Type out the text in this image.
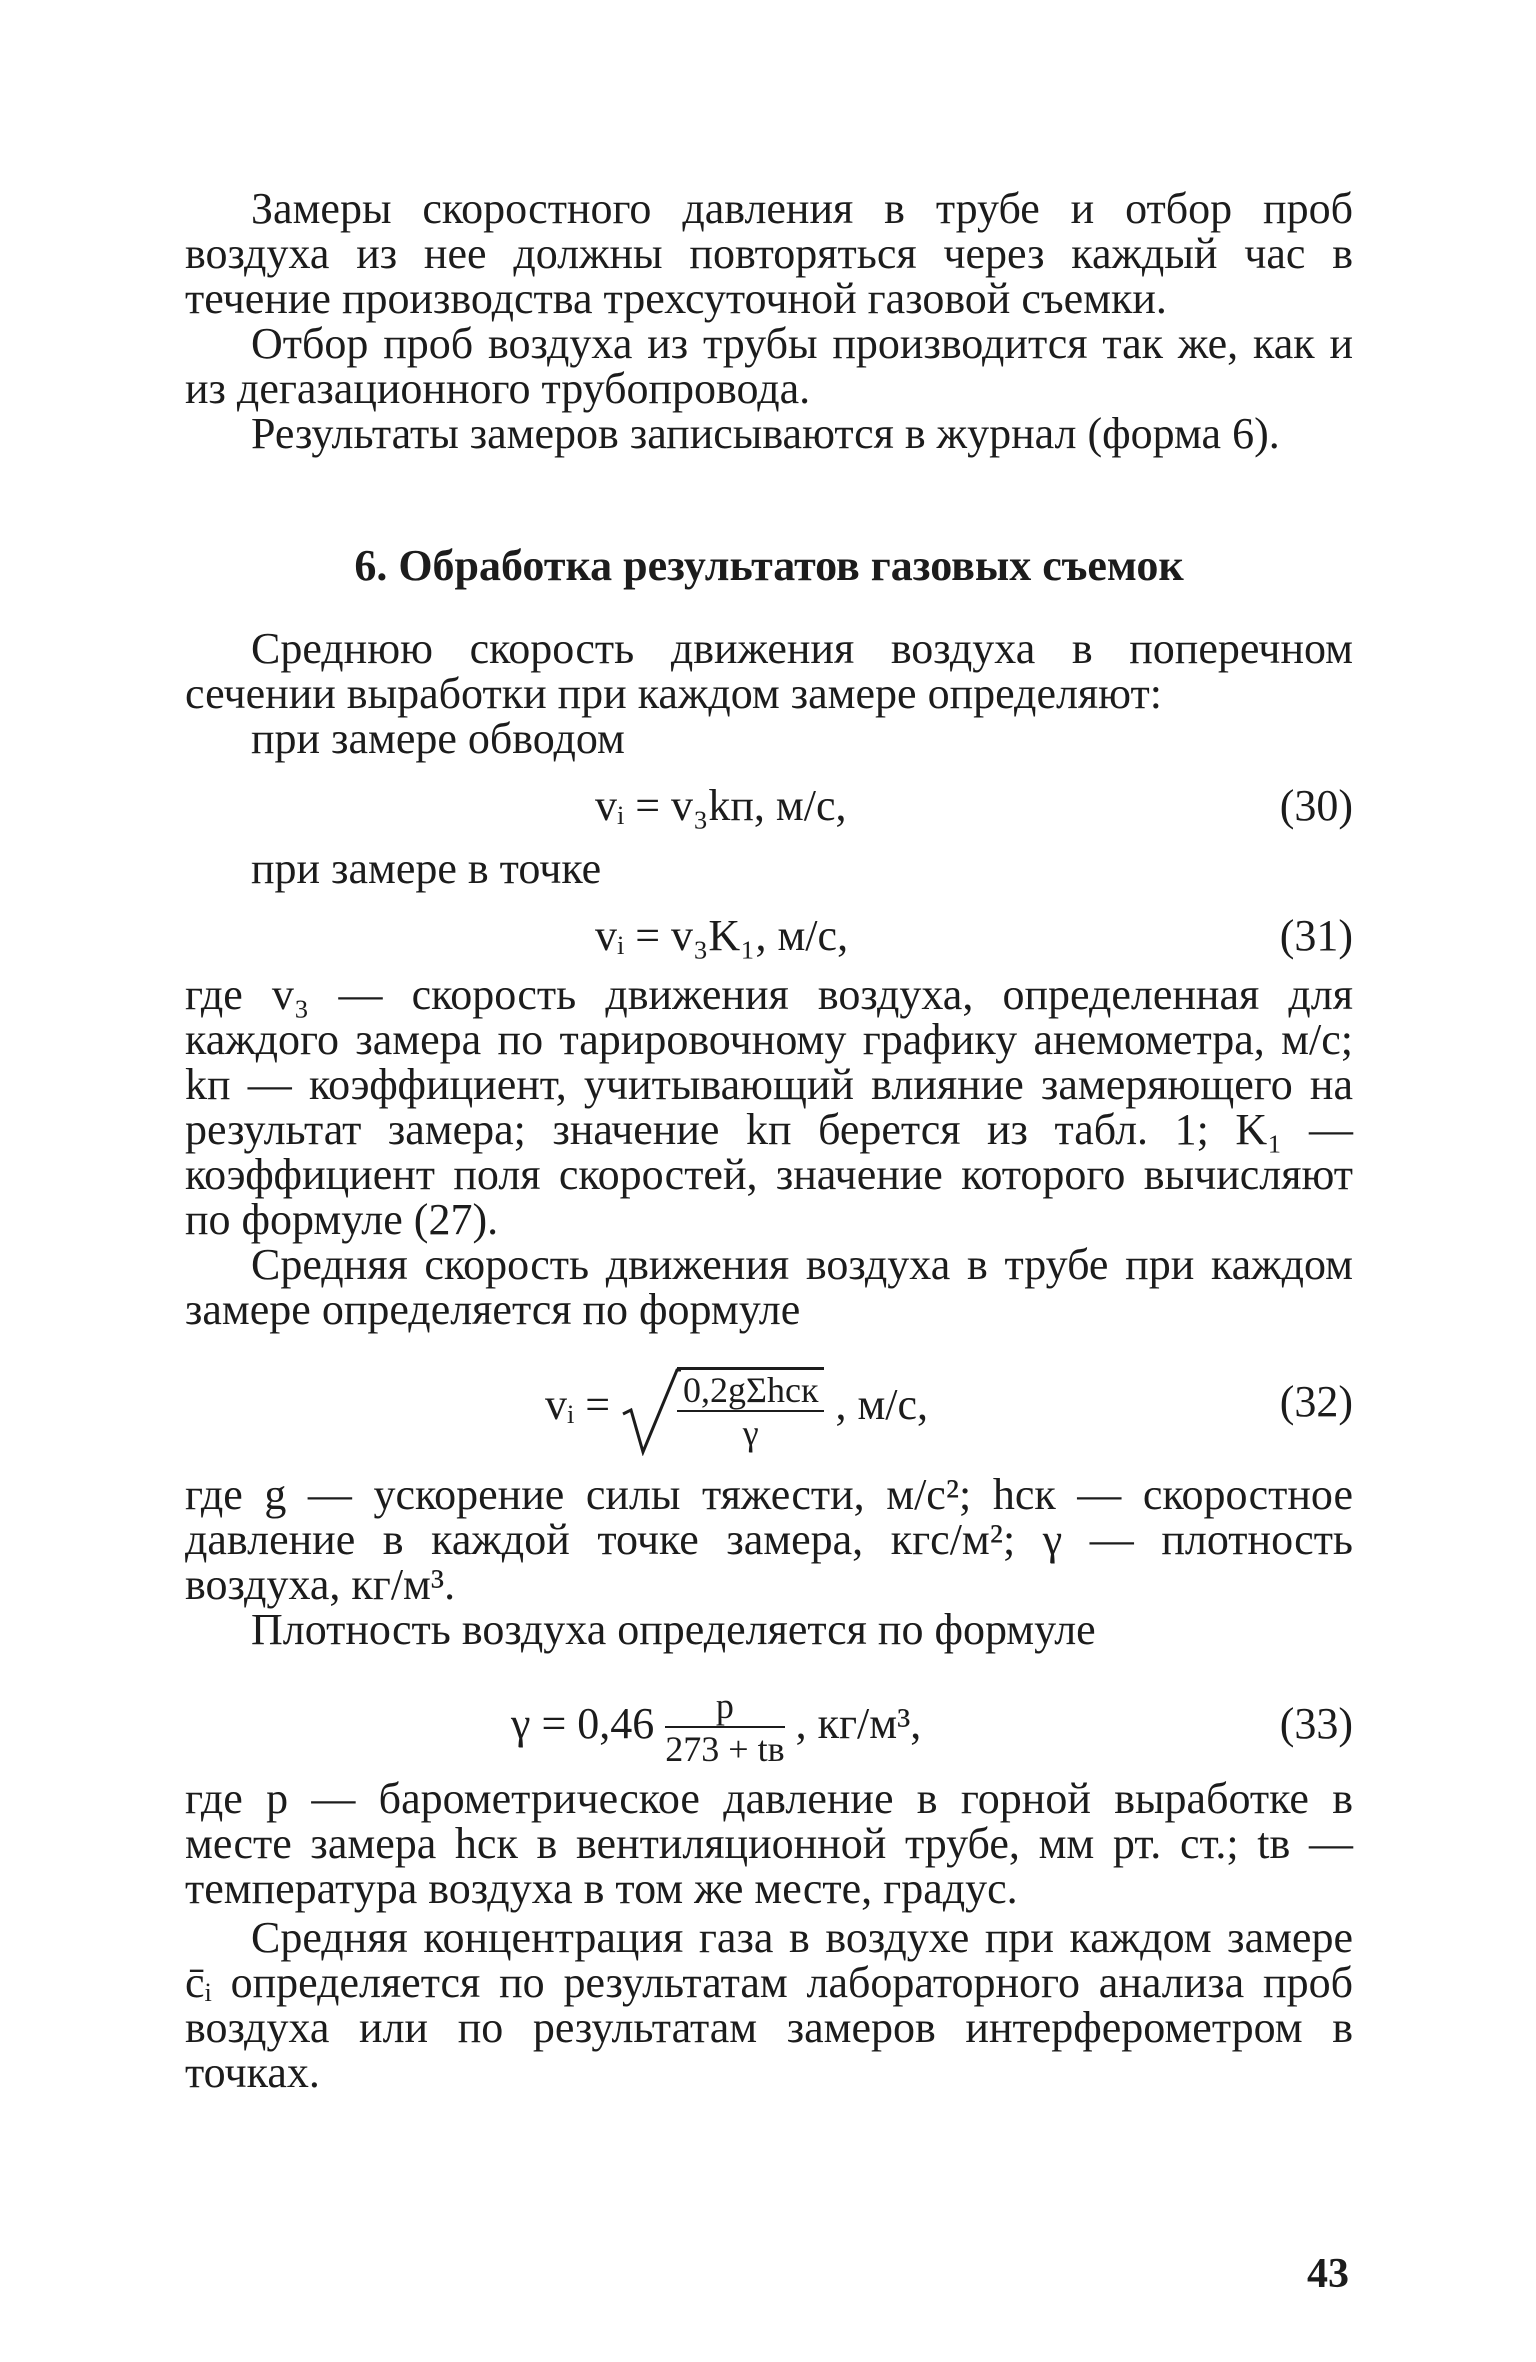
Замеры скоростного давления в трубе и отбор проб воздуха из нее должны повторяться через каждый час в течение производства трехсуточной газовой съемки.

Отбор проб воздуха из трубы производится так же, как и из дегазационного трубопровода.

Результаты замеров записываются в журнал (форма 6).

6. Обработка результатов газовых съемок

Среднюю скорость движения воздуха в поперечном сечении выработки при каждом замере определяют:

при замере обводом

vᵢ = v₃kп, м/с,	(30)

при замере в точке

vᵢ = v₃K₁, м/с,	(31)

где v₃ — скорость движения воздуха, определенная для каждого замера по тарировочному графику анемометра, м/с; kп — коэффициент, учитывающий влияние замеряющего на результат замера; значение kп берется из табл. 1; K₁ — коэффициент поля скоростей, значение которого вычисляют по формуле (27).

Средняя скорость движения воздуха в трубе при каждом замере определяется по формуле

vᵢ = $\frac{\text{0,2gΣhск}}{\gamma}$ , м/с,	(32)

где g — ускорение силы тяжести, м/с²; hск — скоростное давление в каждой точке замера, кгс/м²; γ — плотность воздуха, кг/м³.

Плотность воздуха определяется по формуле

$\gamma = 0,46 \frac{p}{273 + tв}$ , кг/м³,	(33)

где p — барометрическое давление в горной выработке в месте замера hск в вентиляционной трубе, мм рт. ст.; tв — температура воздуха в том же месте, градус.

Средняя концентрация газа в воздухе при каждом замере c̄ᵢ определяется по результатам лабораторного анализа проб воздуха или по результатам замеров интерферометром в точках.

43
